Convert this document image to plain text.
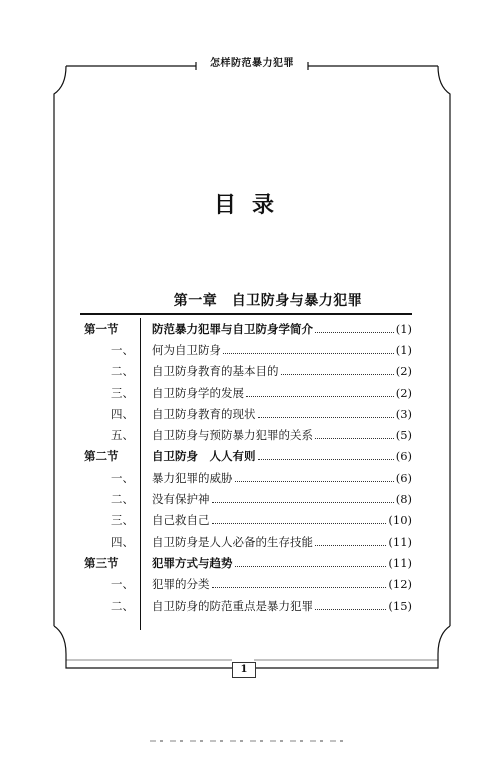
怎样防范暴力犯罪
目录
第一章　自卫防身与暴力犯罪
第一节	防范暴力犯罪与自卫防身学简介	(1)
一、	何为自卫防身	(1)
二、	自卫防身教育的基本目的	(2)
三、	自卫防身学的发展	(2)
四、	自卫防身教育的现状	(3)
五、	自卫防身与预防暴力犯罪的关系	(5)
第二节	自卫防身　人人有则	(6)
一、	暴力犯罪的威胁	(6)
二、	没有保护神	(8)
三、	自己救自己	(10)
四、	自卫防身是人人必备的生存技能	(11)
第三节	犯罪方式与趋势	(11)
一、	犯罪的分类	(12)
二、	自卫防身的防范重点是暴力犯罪	(15)
1
